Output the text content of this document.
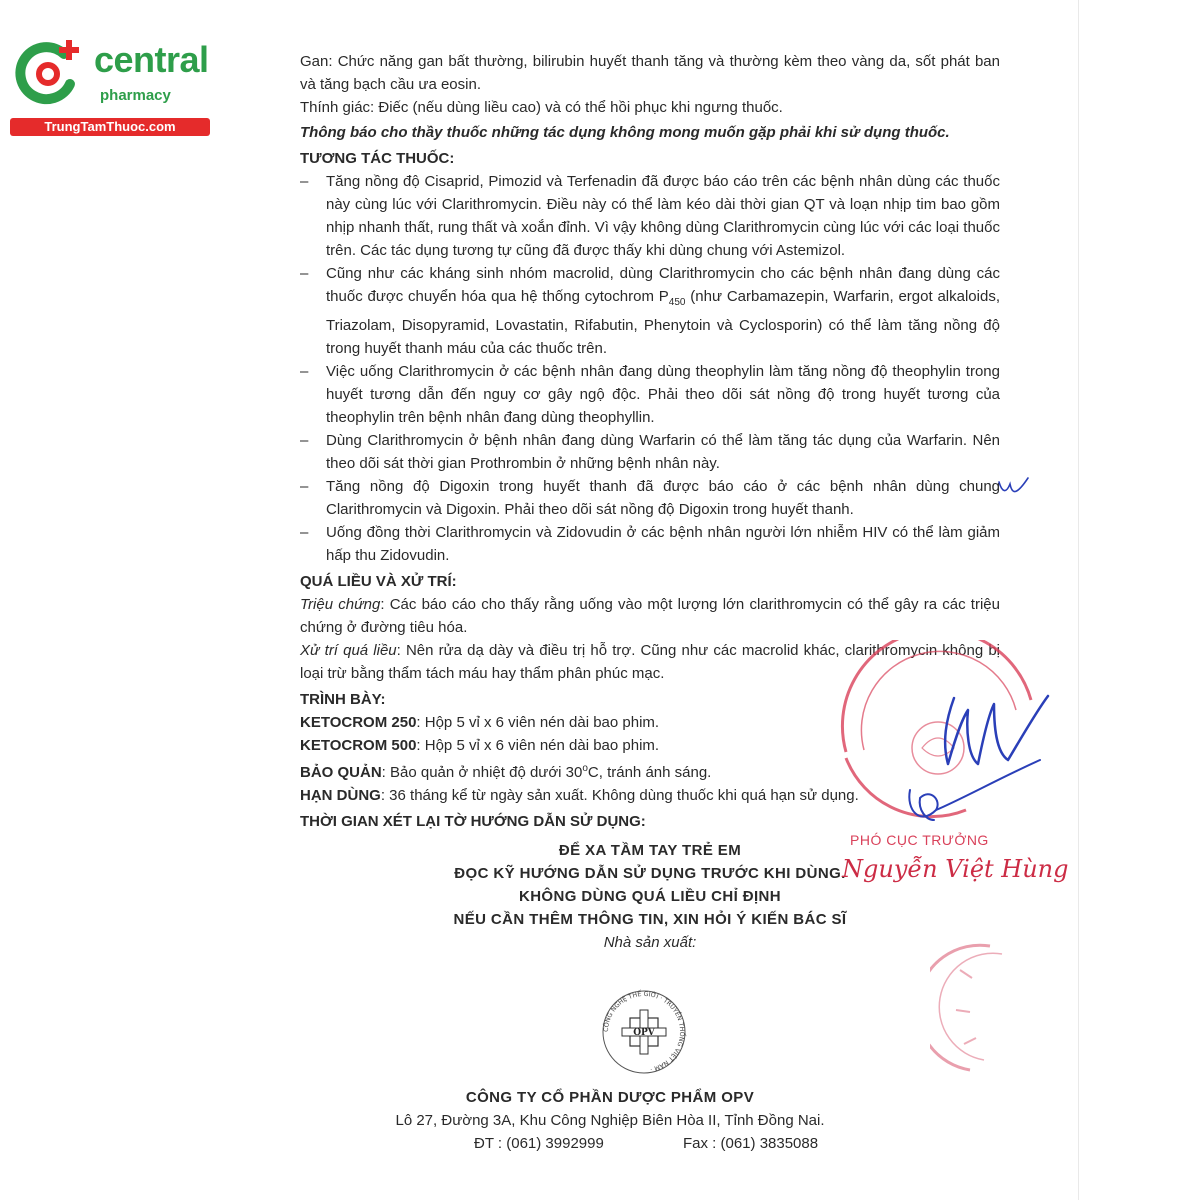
central
pharmacy
TrungTamThuoc.com

Gan: Chức năng gan bất thường, bilirubin huyết thanh tăng và thường kèm theo vàng da, sốt phát ban và tăng bạch cầu ưa eosin.

Thính giác: Điếc (nếu dùng liều cao) và có thể hồi phục khi ngưng thuốc.

Thông báo cho thầy thuốc những tác dụng không mong muốn gặp phải khi sử dụng thuốc.

TƯƠNG TÁC THUỐC:

– Tăng nồng độ Cisaprid, Pimozid và Terfenadin đã được báo cáo trên các bệnh nhân dùng các thuốc này cùng lúc với Clarithromycin. Điều này có thể làm kéo dài thời gian QT và loạn nhịp tim bao gồm nhịp nhanh thất, rung thất và xoắn đỉnh. Vì vậy không dùng Clarithromycin cùng lúc với các loại thuốc trên. Các tác dụng tương tự cũng đã được thấy khi dùng chung với Astemizol.
– Cũng như các kháng sinh nhóm macrolid, dùng Clarithromycin cho các bệnh nhân đang dùng các thuốc được chuyển hóa qua hệ thống cytochrom $P_{450}$ (như Carbamazepin, Warfarin, ergot alkaloids, Triazolam, Disopyramid, Lovastatin, Rifabutin, Phenytoin và Cyclosporin) có thể làm tăng nồng độ trong huyết thanh máu của các thuốc trên.
– Việc uống Clarithromycin ở các bệnh nhân đang dùng theophylin làm tăng nồng độ theophylin trong huyết tương dẫn đến nguy cơ gây ngộ độc. Phải theo dõi sát nồng độ trong huyết tương của theophylin trên bệnh nhân đang dùng theophyllin.
– Dùng Clarithromycin ở bệnh nhân đang dùng Warfarin có thể làm tăng tác dụng của Warfarin. Nên theo dõi sát thời gian Prothrombin ở những bệnh nhân này.
– Tăng nồng độ Digoxin trong huyết thanh đã được báo cáo ở các bệnh nhân dùng chung Clarithromycin và Digoxin. Phải theo dõi sát nồng độ Digoxin trong huyết thanh.
– Uống đồng thời Clarithromycin và Zidovudin ở các bệnh nhân người lớn nhiễm HIV có thể làm giảm hấp thu Zidovudin.

QUÁ LIỀU VÀ XỬ TRÍ:

Triệu chứng: Các báo cáo cho thấy rằng uống vào một lượng lớn clarithromycin có thể gây ra các triệu chứng ở đường tiêu hóa.

Xử trí quá liều: Nên rửa dạ dày và điều trị hỗ trợ. Cũng như các macrolid khác, clarithromycin không bị loại trừ bằng thẩm tách máu hay thẩm phân phúc mạc.

TRÌNH BÀY:

KETOCROM 250: Hộp 5 vỉ x 6 viên nén dài bao phim.

KETOCROM 500: Hộp 5 vỉ x 6 viên nén dài bao phim.

BẢO QUẢN: Bảo quản ở nhiệt độ dưới 30$^o$C, tránh ánh sáng.

HẠN DÙNG: 36 tháng kể từ ngày sản xuất. Không dùng thuốc khi quá hạn sử dụng.

THỜI GIAN XÉT LẠI TỜ HƯỚNG DẪN SỬ DỤNG:

ĐỂ XA TẦM TAY TRẺ EM

ĐỌC KỸ HƯỚNG DẪN SỬ DỤNG TRƯỚC KHI DÙNG.

KHÔNG DÙNG QUÁ LIỀU CHỈ ĐỊNH

NẾU CẦN THÊM THÔNG TIN, XIN HỎI Ý KIẾN BÁC SĨ

Nhà sản xuất:

CÔNG NGHỆ THẾ GIỚI · TRUYỀN THỐNG VIỆT NAM ·
OPV

CÔNG TY CỔ PHẦN DƯỢC PHẨM OPV

Lô 27, Đường 3A, Khu Công Nghiệp Biên Hòa II, Tỉnh Đồng Nai.

ĐT : (061) 3992999	Fax : (061) 3835088
PHÓ CỤC TRƯỞNG
Nguyễn Việt Hùng
